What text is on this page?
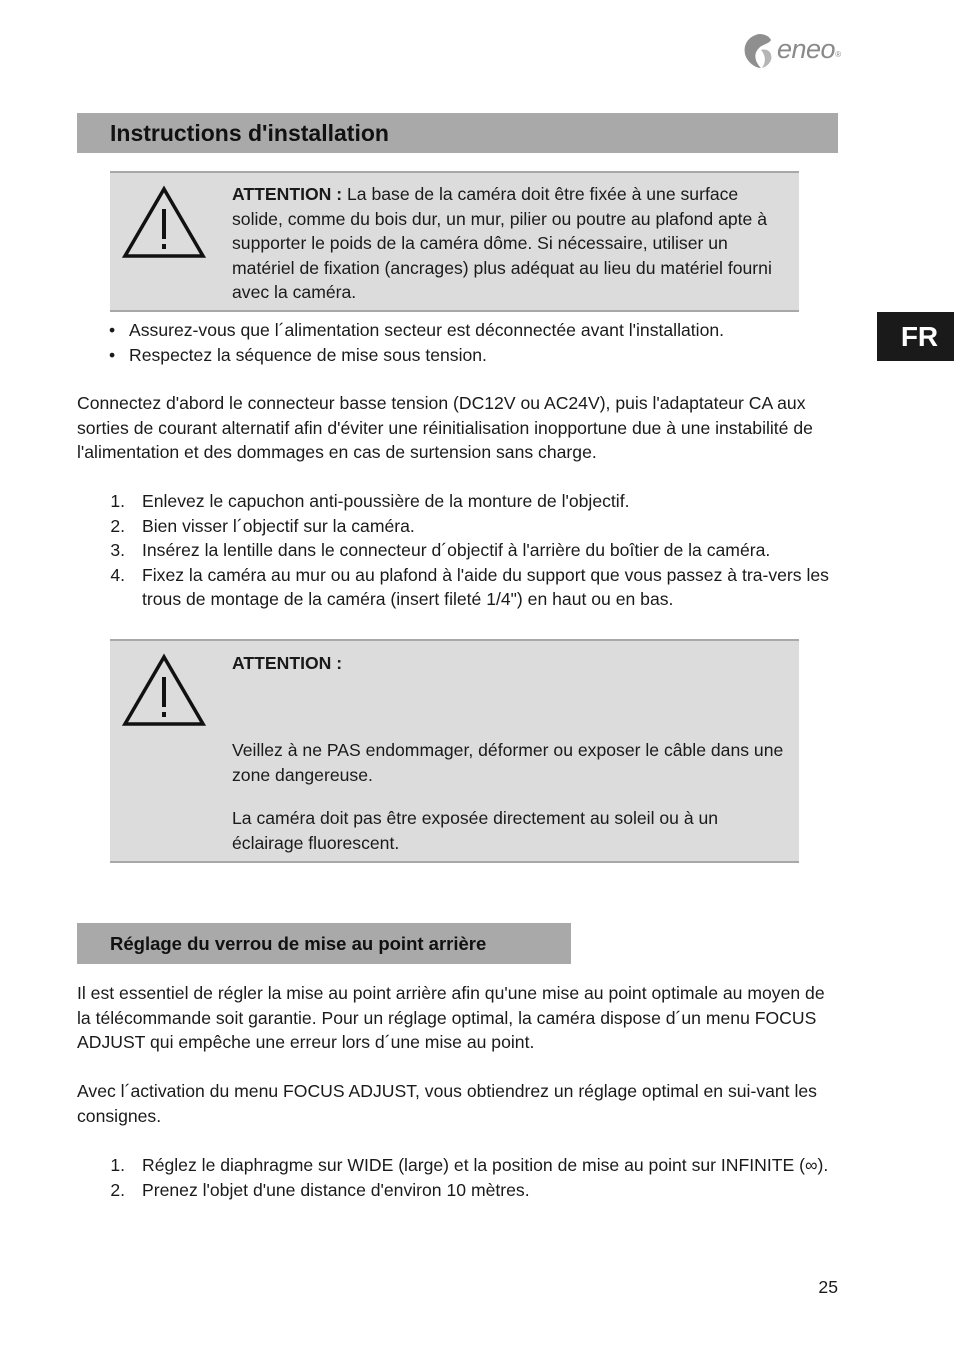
eneo®
Instructions d'installation
FR
ATTENTION : La base de la caméra doit être fixée à une surface solide, comme du bois dur, un mur, pilier ou poutre au plafond apte à supporter le poids de la caméra dôme. Si nécessaire, utiliser un matériel de fixation (ancrages) plus adéquat au lieu du matériel fourni avec la caméra.
• Assurez-vous que l´alimentation secteur est déconnectée avant l'installation.
• Respectez la séquence de mise sous tension.
Connectez d'abord le connecteur basse tension (DC12V ou AC24V), puis l'adaptateur CA aux sorties de courant alternatif afin d'éviter une réinitialisation inopportune due à une instabilité de l'alimentation et des dommages en cas de surtension sans charge.
1. Enlevez le capuchon anti-poussière de la monture de l'objectif.
2. Bien visser l´objectif sur la caméra.
3. Insérez la lentille dans le connecteur d´objectif à l'arrière du boîtier de la caméra.
4. Fixez la caméra au mur ou au plafond à l'aide du support que vous passez à tra-vers les trous de montage de la caméra (insert fileté 1/4") en haut ou en bas.
ATTENTION :
Veillez à ne PAS endommager, déformer ou exposer le câble dans une zone dangereuse.
La caméra doit pas être exposée directement au soleil ou à un éclairage fluorescent.
Réglage du verrou de mise au point arrière
Il est essentiel de régler la mise au point arrière afin qu'une mise au point optimale au moyen de la télécommande soit garantie. Pour un réglage optimal, la caméra dispose d´un menu FOCUS ADJUST qui empêche une erreur lors d´une mise au point.
Avec l´activation du menu FOCUS ADJUST, vous obtiendrez un réglage optimal en sui-vant les consignes.
1. Réglez le diaphragme sur WIDE (large) et la position de mise au point sur INFINITE (∞).
2. Prenez l'objet d'une distance d'environ 10 mètres.
25
